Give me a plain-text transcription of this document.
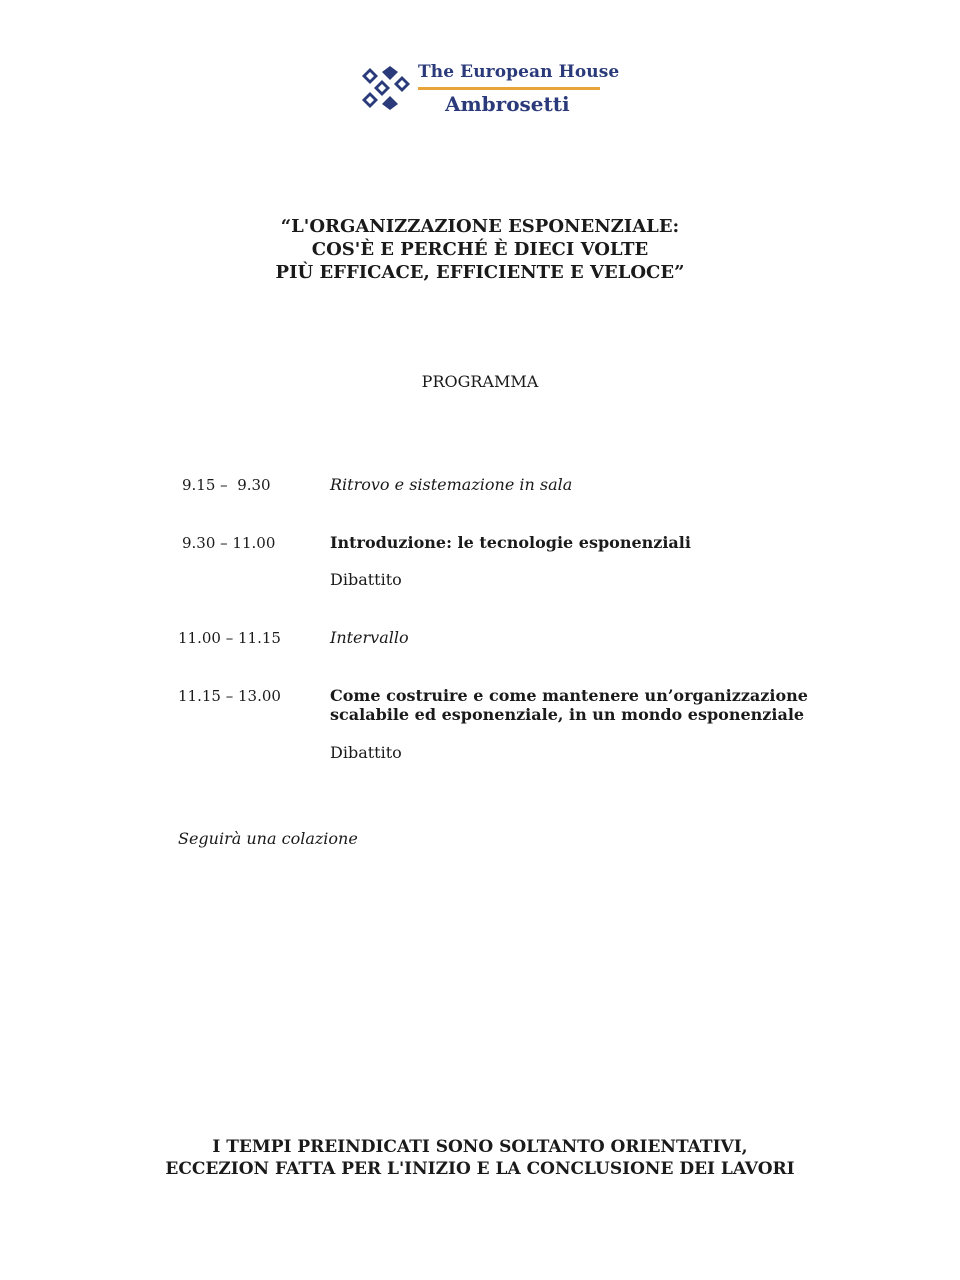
The European House
Ambrosetti
“L'ORGANIZZAZIONE ESPONENZIALE:
COS'È E PERCHÉ È DIECI VOLTE
PIÙ EFFICACE, EFFICIENTE E VELOCE”
PROGRAMMA
9.15 –  9.30	Ritrovo e sistemazione in sala
9.30 – 11.00	Introduzione: le tecnologie esponenziali
Dibattito
11.00 – 11.15	Intervallo
11.15 – 13.00	Come costruire e come mantenere un’organizzazione
scalabile ed esponenziale, in un mondo esponenziale
Dibattito
Seguirà una colazione
I TEMPI PREINDICATI SONO SOLTANTO ORIENTATIVI,
ECCEZION FATTA PER L'INIZIO E LA CONCLUSIONE DEI LAVORI
